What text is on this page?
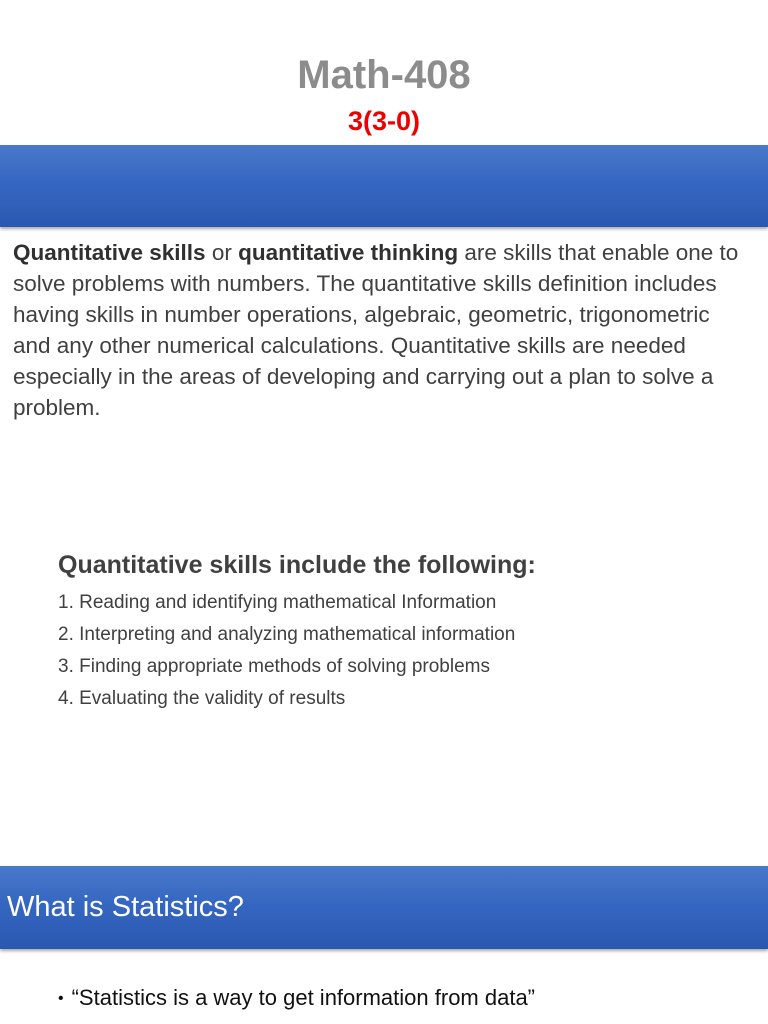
Math-408
3(3-0)
Quantitative skills or quantitative thinking are skills that enable one to solve problems with numbers. The quantitative skills definition includes having skills in number operations, algebraic, geometric, trigonometric and any other numerical calculations. Quantitative skills are needed especially in the areas of developing and carrying out a plan to solve a problem.
Quantitative skills include the following:
1. Reading and identifying mathematical Information
2. Interpreting and analyzing mathematical information
3. Finding appropriate methods of solving problems
4. Evaluating the validity of results
What is Statistics?
• “Statistics is a way to get information from data”
